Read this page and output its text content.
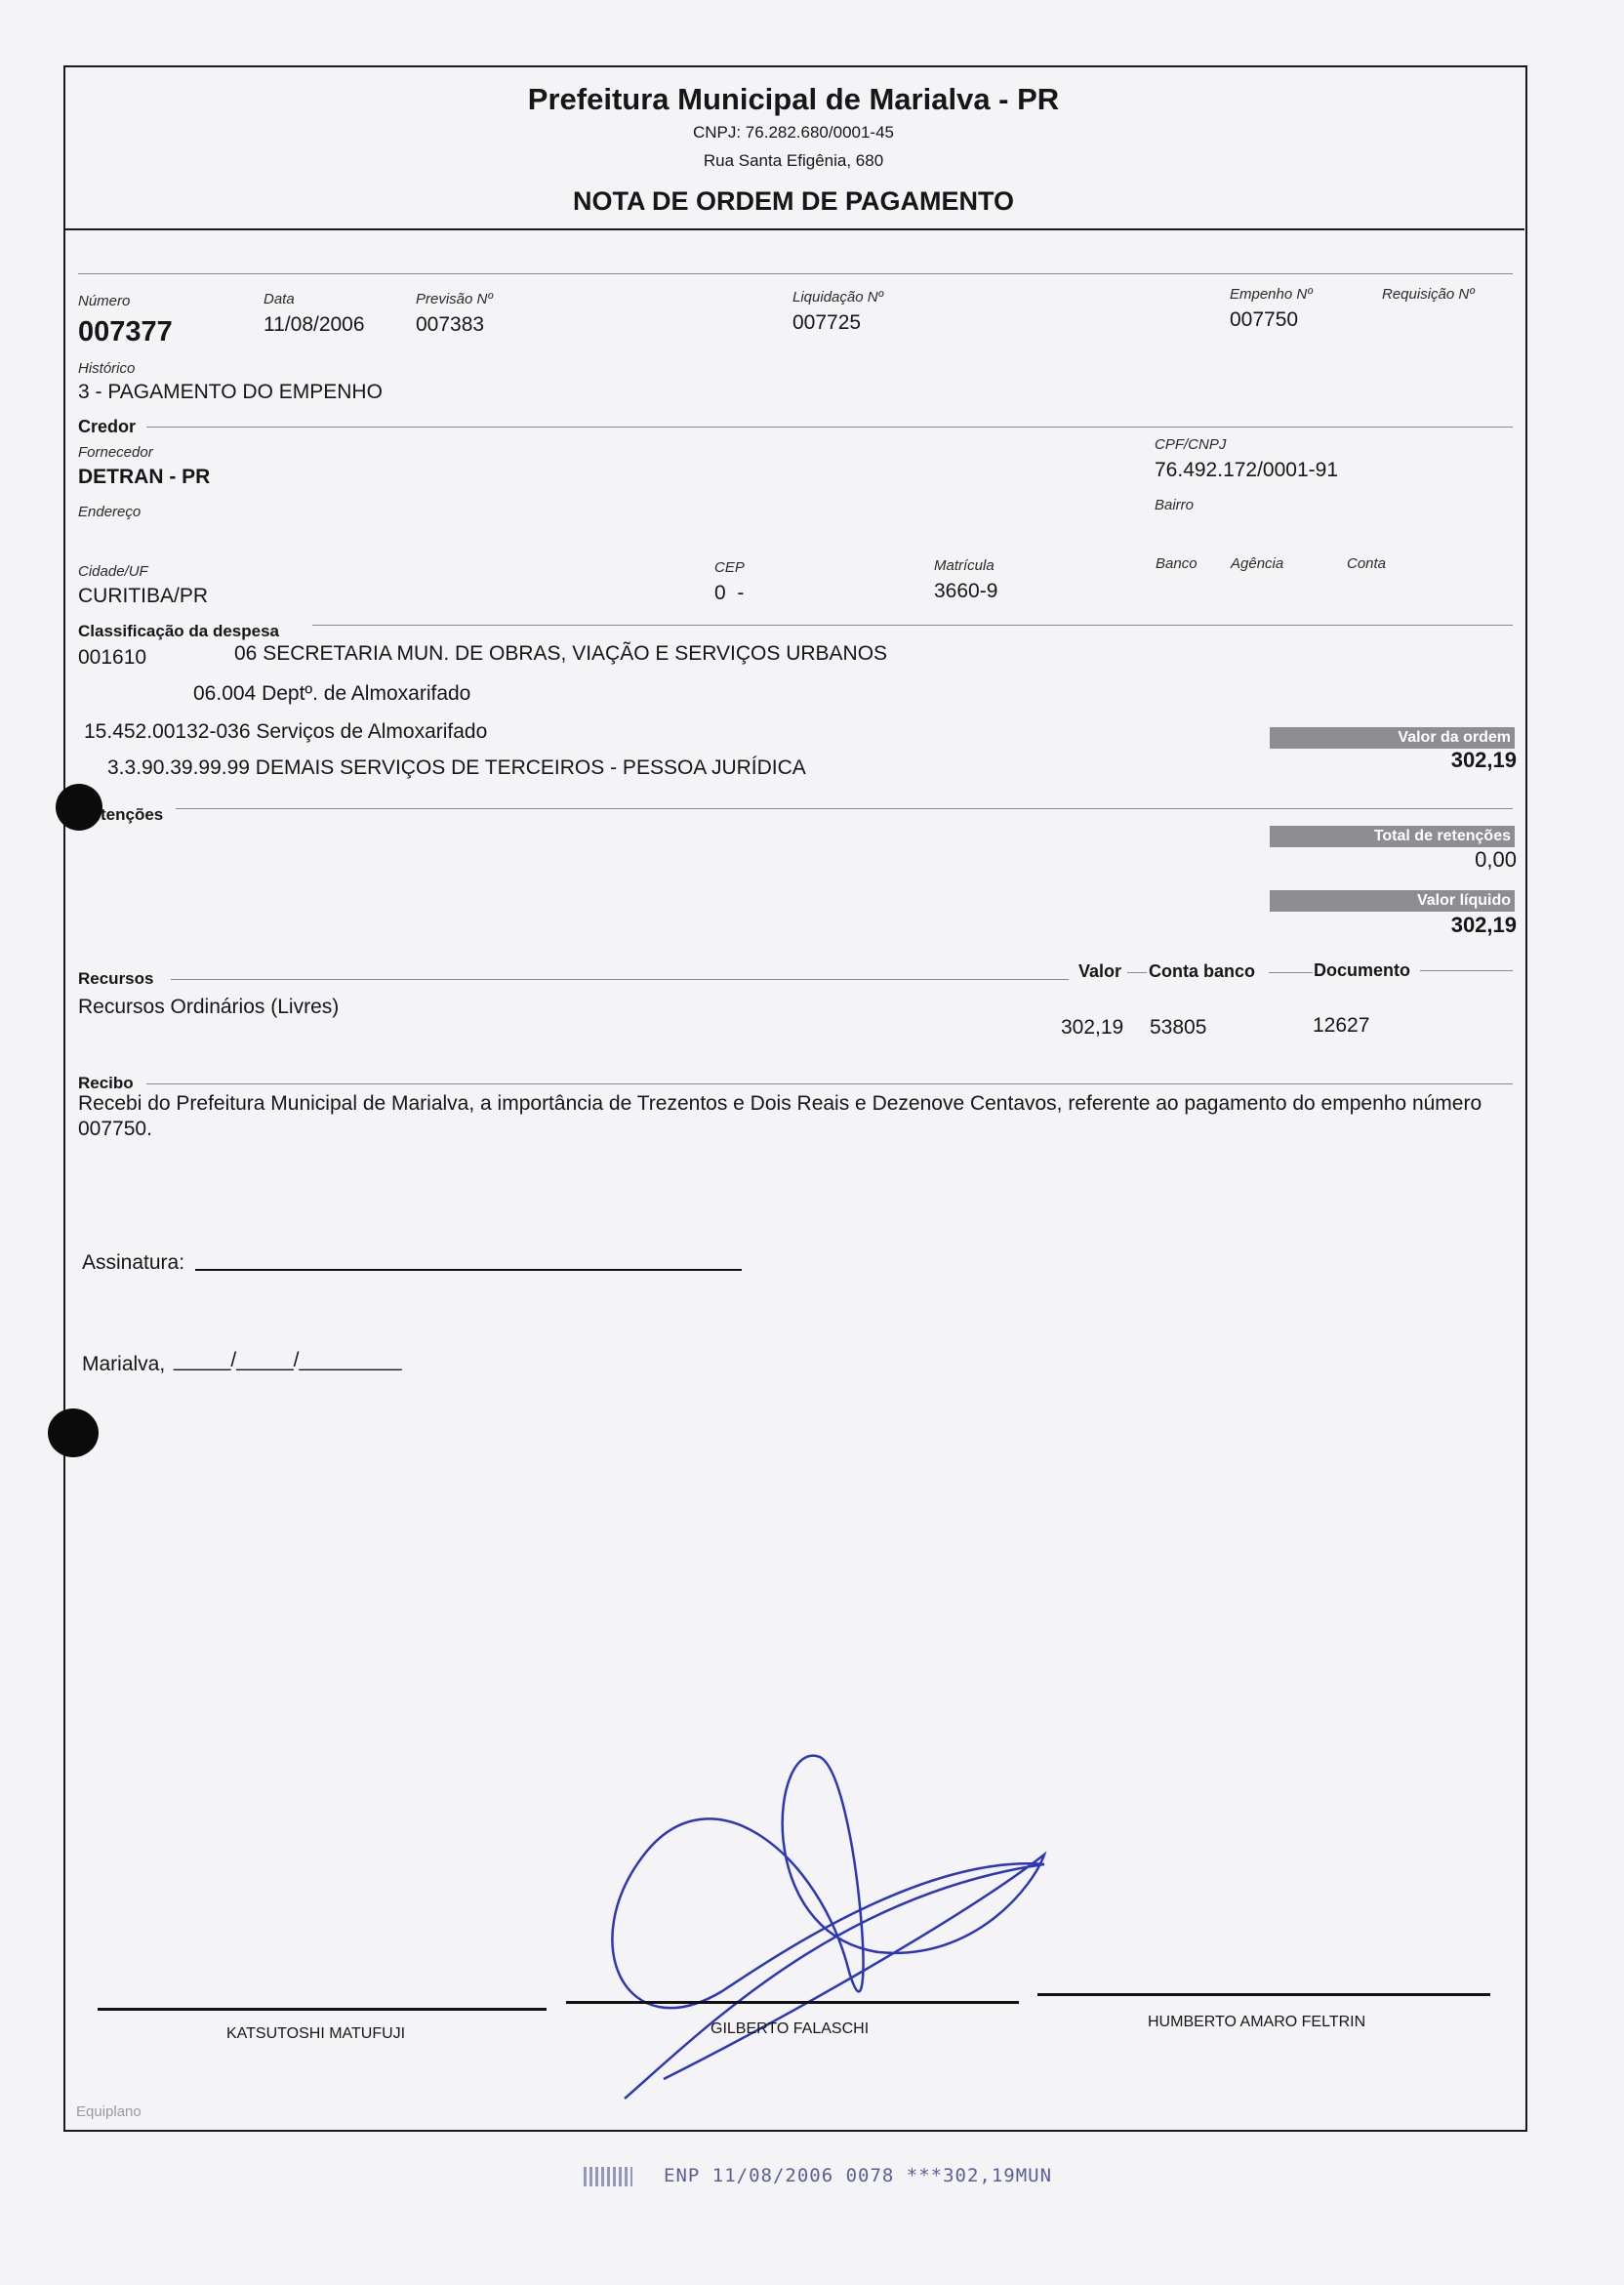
Prefeitura Municipal de Marialva - PR
CNPJ: 76.282.680/0001-45
Rua Santa Efigênia, 680
NOTA DE ORDEM DE PAGAMENTO
Número
007377
Data
11/08/2006
Previsão Nº
007383
Liquidação Nº
007725
Empenho Nº
007750
Requisição Nº
Histórico
3 - PAGAMENTO DO EMPENHO
Credor
Fornecedor
DETRAN - PR
CPF/CNPJ
76.492.172/0001-91
Endereço	Bairro
Cidade/UF
CURITIBA/PR
CEP
0  -
Matrícula
3660-9
Banco Agência	Conta
Classificação da despesa
001610	06 SECRETARIA MUN. DE OBRAS, VIAÇÃO E SERVIÇOS URBANOS
06.004 Deptº. de Almoxarifado
15.452.00132-036 Serviços de Almoxarifado
3.3.90.39.99.99 DEMAIS SERVIÇOS DE TERCEIROS - PESSOA JURÍDICA
Valor da ordem
302,19
tenções
Total de retenções
0,00
Valor líquido
302,19
Recursos	Valor Conta banco	Documento
Recursos Ordinários (Livres)
302,19 53805	12627
Recibo
Recebi do Prefeitura Municipal de Marialva, a importância de Trezentos e Dois Reais e Dezenove Centavos, referente ao pagamento do empenho número 007750.
Assinatura:
Marialva, _____/_____/_________
KATSUTOSHI MATUFUJI	GILBERTO FALASCHI	HUMBERTO AMARO FELTRIN
Equiplano
ENP 11/08/2006 0078 ***302,19MUN
